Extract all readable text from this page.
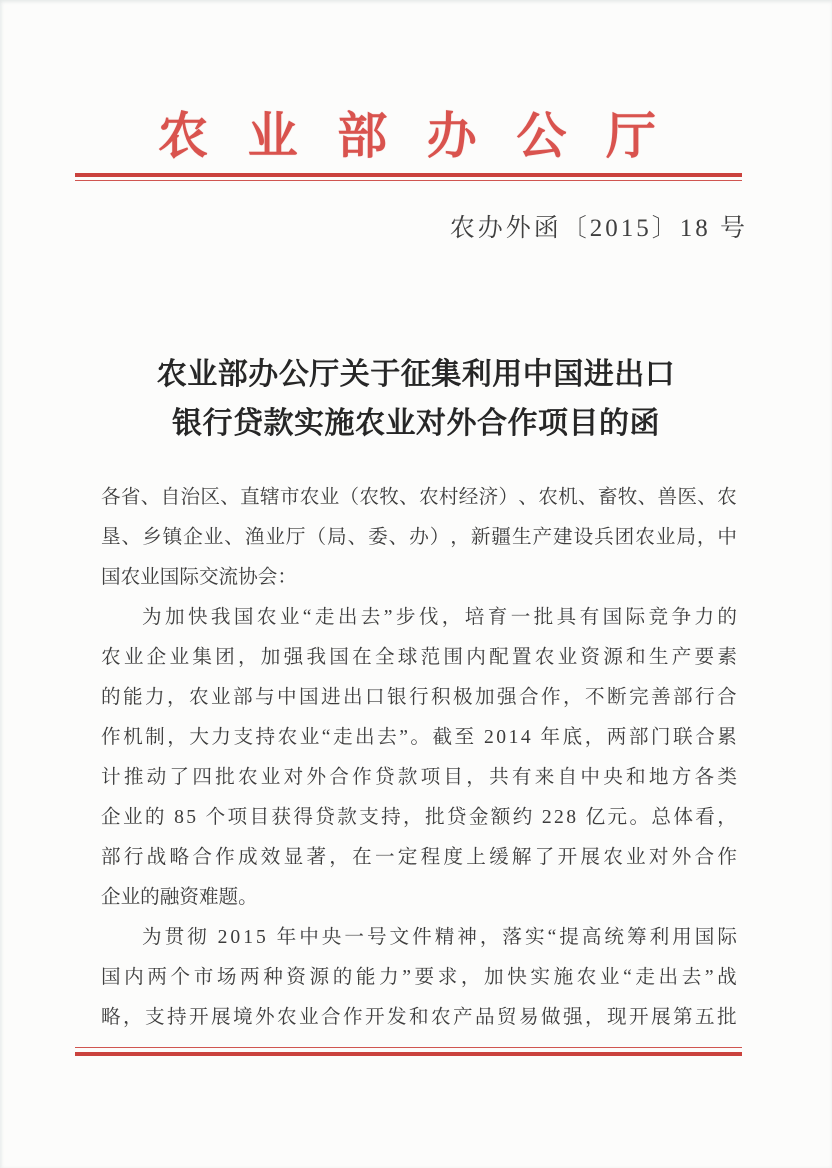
农 业 部 办 公 厅
农办外函〔2015〕18 号
农业部办公厅关于征集利用中国进出口
银行贷款实施农业对外合作项目的函
各 省 、 自 治 区 、 直 辖 市 农 业 （ 农 牧 、 农 村 经 济 ） 、 农 机 、 畜 牧 、 兽 医 、 农
垦 、 乡 镇 企 业 、 渔 业 厅 （ 局 、 委 、 办 ） ， 新 疆 生 产 建 设 兵 团 农 业 局 ， 中
国农业国际交流协会：
为 加 快 我 国 农 业 “ 走 出 去 ” 步 伐 ， 培 育 一 批 具 有 国 际 竞 争 力 的
农 业 企 业 集 团 ， 加 强 我 国 在 全 球 范 围 内 配 置 农 业 资 源 和 生 产 要 素
的 能 力 ， 农 业 部 与 中 国 进 出 口 银 行 积 极 加 强 合 作 ， 不 断 完 善 部 行 合
作 机 制 ， 大 力 支 持 农 业 “ 走 出 去 ” 。 截 至
2 0 1 4
年 底 ， 两 部 门 联 合 累
计 推 动 了 四 批 农 业 对 外 合 作 贷 款 项 目 ， 共 有 来 自 中 央 和 地 方 各 类
企 业 的
8 5
个 项 目 获 得 贷 款 支 持 ， 批 贷 金 额 约
2 2 8
亿 元 。 总 体 看 ，
部 行 战 略 合 作 成 效 显 著 ， 在 一 定 程 度 上 缓 解 了 开 展 农 业 对 外 合 作
企业的融资难题。
为 贯 彻
2 0 1 5
年 中 央 一 号 文 件 精 神 ， 落 实 “ 提 高 统 筹 利 用 国 际
国 内 两 个 市 场 两 种 资 源 的 能 力 ” 要 求 ， 加 快 实 施 农 业 “ 走 出 去 ” 战
略 ， 支 持 开 展 境 外 农 业 合 作 开 发 和 农 产 品 贸 易 做 强 ， 现 开 展 第 五 批
